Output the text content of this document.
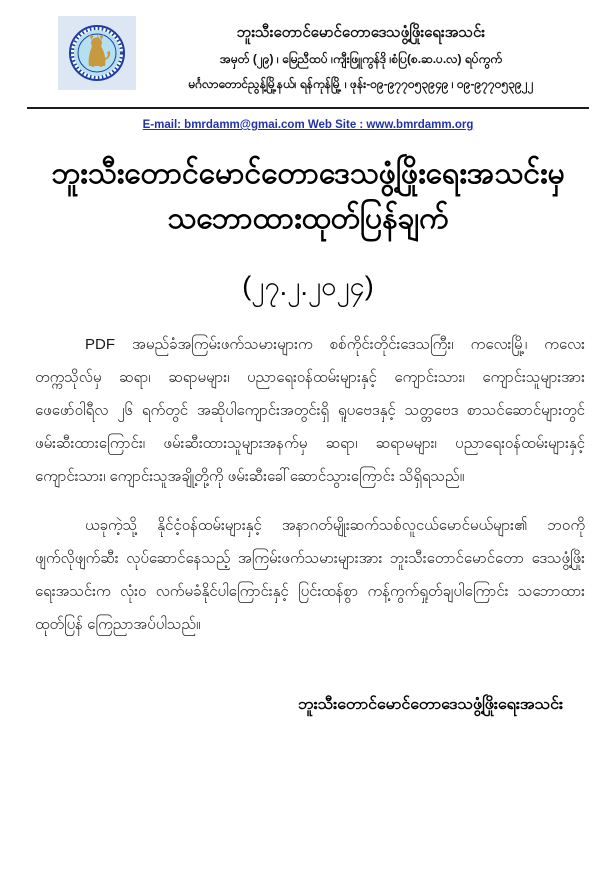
ဘူးသီးတောင်မောင်တောဒေသဖွံ့ဖြိုးရေးအသင်း
အမှတ် (၂၉) ၊ မြေညီထပ် ၊ကျီးဖြူကွန်ဒို ၊စံပြ(စ.ဆ.ပ.လ) ရပ်ကွက်
မင်္ဂလာတောင်ညွန့်မြို့နယ်၊ ရန်ကုန်မြို့ ၊ ဖုန်း-၀၉-၉၇၇၀၅၃၉၄၉ ၊ ၀၉-၉၇၇၀၅၃၉၂၂
E-mail: bmrdamm@gmai.com Web Site : www.bmrdamm.org
ဘူးသီးတောင်မောင်တောဒေသဖွံ့ဖြိုးရေးအသင်းမှ
သဘောထားထုတ်ပြန်ချက်
(၂၇.၂.၂၀၂၄)

PDF အမည်ခံအကြမ်းဖက်သမားများက စစ်ကိုင်းတိုင်းဒေသကြီး၊ ကလေးမြို့၊ ကလေးတက္ကသိုလ်မှ ဆရာ၊ ဆရာမများ၊ ပညာရေးဝန်ထမ်းများနှင့် ကျောင်းသား၊ ကျောင်းသူများအား ဖေဖော်ဝါရီလ ၂၆ ရက်တွင် အဆိုပါကျောင်းအတွင်းရှိ ရူပဗေဒနှင့် သတ္တဗေဒ စာသင်ဆောင်များတွင် ဖမ်းဆီးထားကြောင်း၊ ဖမ်းဆီးထားသူများအနက်မှ ဆရာ၊ ဆရာမများ၊ ပညာရေးဝန်ထမ်းများနှင့် ကျောင်းသား၊ ကျောင်းသူအချို့တို့ကို ဖမ်းဆီးခေါ်ဆောင်သွားကြောင်း သိရှိရသည်။

ယခုကဲ့သို့ နိုင်ငံ့ဝန်ထမ်းများနှင့် အနာဂတ်မျိုးဆက်သစ်လူငယ်မောင်မယ်များ၏ ဘဝကို ဖျက်လိုဖျက်ဆီး လုပ်ဆောင်နေသည့် အကြမ်းဖက်သမားများအား ဘူးသီးတောင်မောင်တော ဒေသဖွံ့ဖြိုးရေးအသင်းက လုံးဝ လက်မခံနိုင်ပါကြောင်းနှင့် ပြင်းထန်စွာ ကန့်ကွက်ရှုတ်ချပါကြောင်း သဘောထားထုတ်ပြန် ကြေညာအပ်ပါသည်။

ဘူးသီးတောင်မောင်တောဒေသဖွံ့ဖြိုးရေးအသင်း
